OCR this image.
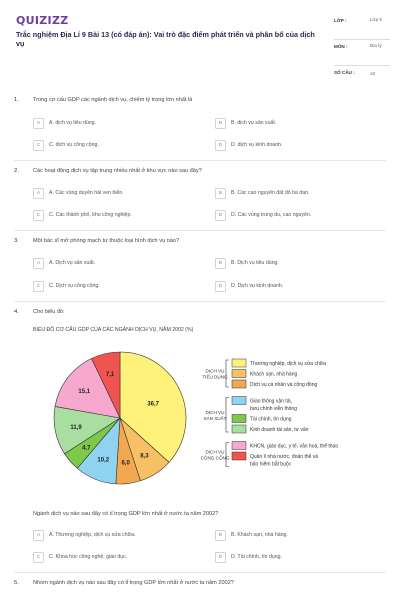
QUIZIZZ
Trắc nghiệm Địa Lí 9 Bài 13 (có đáp án): Vai trò đặc điểm phát triển và phân bố của dịch vụ
LỚP :	Lớp 9
MÔN :	Địa lý
SỐ CÂU :	10
1.	Trong cơ cấu GDP các ngành dịch vụ, chiếm tỷ trọng lớn nhất là
A	A. dịch vụ tiêu dùng.	B	B. dịch vụ sản xuất.
C	C. dịch vụ công cộng.	D	D. dịch vụ kinh doanh.
2.	Các hoạt động dịch vụ tập trung nhiều nhất ở khu vực nào sau đây?
A	A. Các vùng duyên hải ven biển.	B	B. Các cao nguyên đất đỏ ba dan.
C	C. Các thành phố, khu công nghiệp.	D	D. Các vùng trung du, cao nguyên.
3.	Một bác sĩ mở phòng mạch tư thuộc loại hình dịch vụ nào?
A	A. Dịch vụ sản xuất.	B	B. Dịch vụ tiêu dùng.
C	C. Dịch vụ công cộng.	D	D. Dịch vụ kinh doanh.
4.	Cho biểu đồ:
BIỂU ĐỒ CƠ CẤU GDP CỦA CÁC NGÀNH DỊCH VỤ, NĂM 2002 (%)
36,7
8,3
6,0
10,2
4,7
11,9
15,1
7,1
Thương nghiệp, dịch vụ sửa chữa
Khách sạn, nhà hàng
Dịch vụ cá nhân và cộng đồng
DỊCH VỤ
TIÊU DÙNG
Giao thông vận tải,
bưu chính viễn thông
Tài chính, tín dụng
Kinh doanh tài sản, tư vấn
DỊCH VỤ
SẢN XUẤT
KHCN, giáo dục, y tế, văn hoá, thể thao
Quản lí nhà nước, đoàn thể và
bảo hiểm bắt buộc
DỊCH VỤ
CÔNG CỘNG
Ngành dịch vụ nào sau đây có tỉ trọng GDP lớn nhất ở nước ta năm 2002?
A	A. Thương nghiệp, dịch vụ sửa chữa.	B	B. Khách sạn, nhà hàng.
C	C. Khoa học công nghệ, giáo dục.	D	D. Tài chính, tín dụng.
5.	Nhóm ngành dịch vụ nào sau đây có tỉ trọng GDP lớn nhất ở nước ta năm 2002?
